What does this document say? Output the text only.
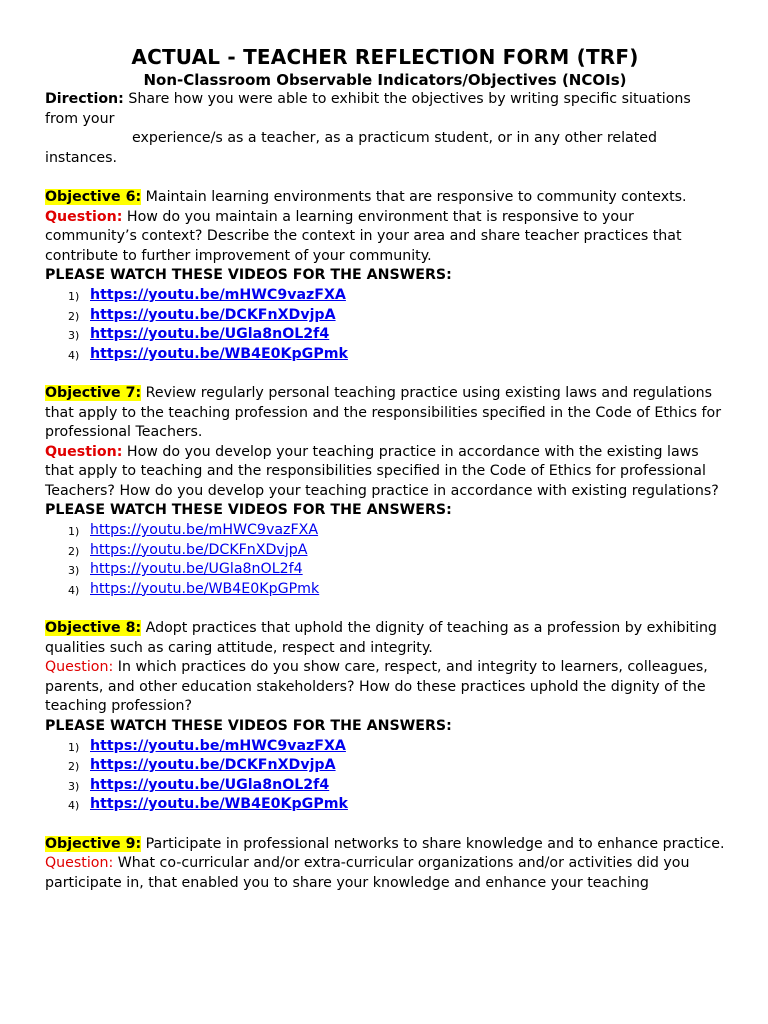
ACTUAL - TEACHER REFLECTION FORM (TRF)
Non-Classroom Observable Indicators/Objectives (NCOIs)

Direction: Share how you were able to exhibit the objectives by writing specific situations from your

experience/s as a teacher, as a practicum student, or in any other related

instances.

Objective 6: Maintain learning environments that are responsive to community contexts.

Question: How do you maintain a learning environment that is responsive to your community’s context? Describe the context in your area and share teacher practices that contribute to further improvement of your community.

PLEASE WATCH THESE VIDEOS FOR THE ANSWERS:

1) https://youtu.be/mHWC9vazFXA
2) https://youtu.be/DCKFnXDvjpA
3) https://youtu.be/UGla8nOL2f4
4) https://youtu.be/WB4E0KpGPmk

Objective 7: Review regularly personal teaching practice using existing laws and regulations that apply to the teaching profession and the responsibilities specified in the Code of Ethics for professional Teachers.

Question: How do you develop your teaching practice in accordance with the existing laws that apply to teaching and the responsibilities specified in the Code of Ethics for professional Teachers? How do you develop your teaching practice in accordance with existing regulations?

PLEASE WATCH THESE VIDEOS FOR THE ANSWERS:

1) https://youtu.be/mHWC9vazFXA
2) https://youtu.be/DCKFnXDvjpA
3) https://youtu.be/UGla8nOL2f4
4) https://youtu.be/WB4E0KpGPmk

Objective 8: Adopt practices that uphold the dignity of teaching as a profession by exhibiting qualities such as caring attitude, respect and integrity.

Question: In which practices do you show care, respect, and integrity to learners, colleagues, parents, and other education stakeholders? How do these practices uphold the dignity of the teaching profession?

PLEASE WATCH THESE VIDEOS FOR THE ANSWERS:

1) https://youtu.be/mHWC9vazFXA
2) https://youtu.be/DCKFnXDvjpA
3) https://youtu.be/UGla8nOL2f4
4) https://youtu.be/WB4E0KpGPmk

Objective 9: Participate in professional networks to share knowledge and to enhance practice.

Question: What co-curricular and/or extra-curricular organizations and/or activities did you participate in, that enabled you to share your knowledge and enhance your teaching
